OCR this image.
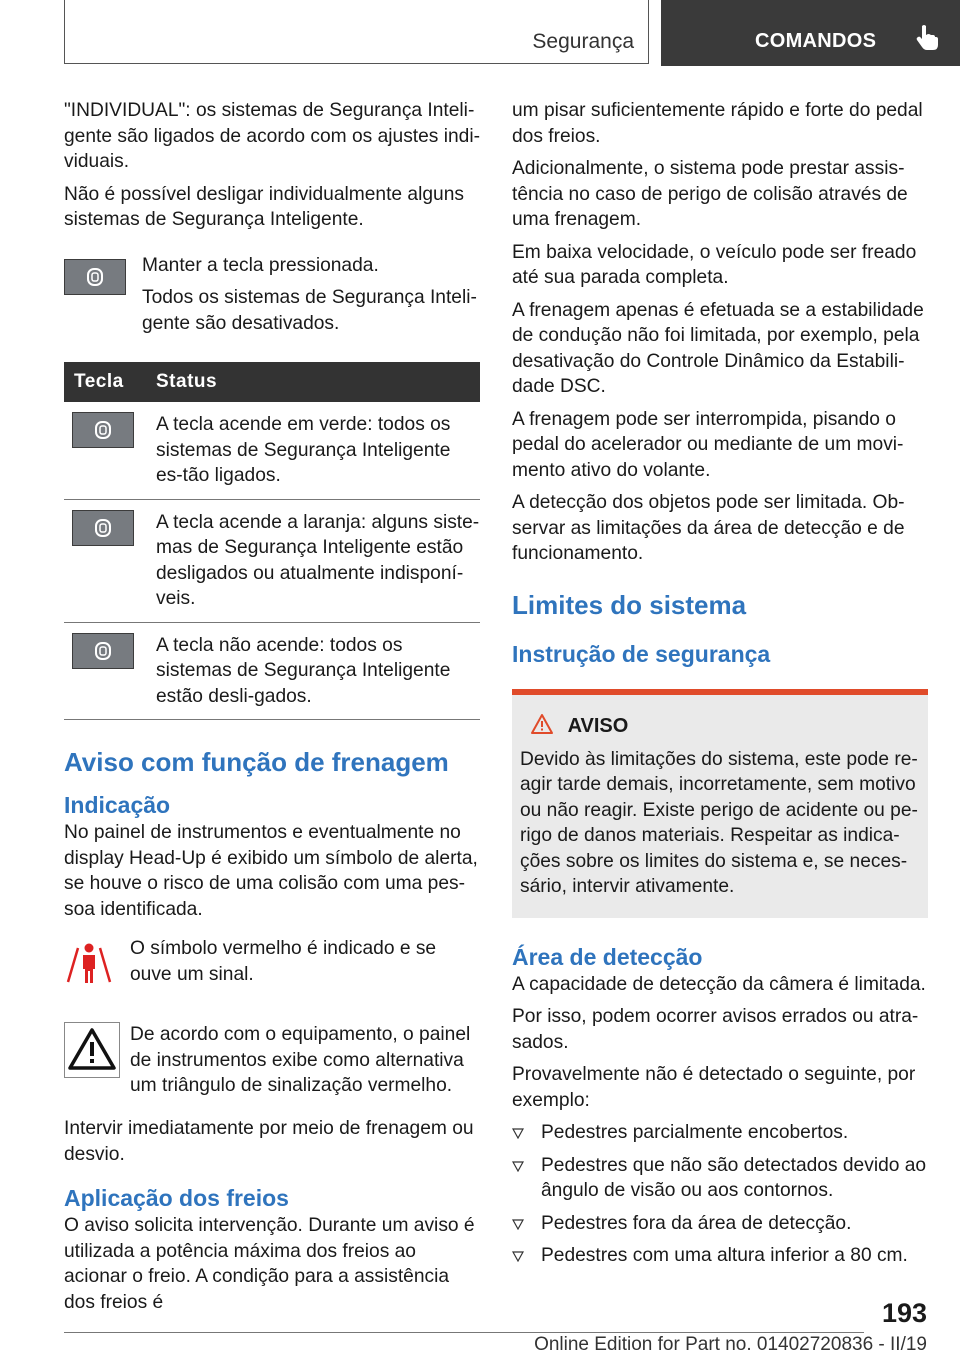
Segurança	COMANDOS

"INDIVIDUAL": os sistemas de Segurança Inteli-gente são ligados de acordo com os ajustes indi-viduais.

Não é possível desligar individualmente alguns sistemas de Segurança Inteligente.

Manter a tecla pressionada.

Todos os sistemas de Segurança Inteli-gente são desativados.

Tecla	Status

	A tecla acende em verde: todos os sistemas de Segurança Inteligente es-tão ligados.

	A tecla acende a laranja: alguns siste-mas de Segurança Inteligente estão desligados ou atualmente indisponí-veis.

	A tecla não acende: todos os sistemas de Segurança Inteligente estão desli-gados.
Aviso com função de frenagem
Indicação

No painel de instrumentos e eventualmente no display Head-Up é exibido um símbolo de alerta, se houve o risco de uma colisão com uma pes-soa identificada.

O símbolo vermelho é indicado e se ouve um sinal.

De acordo com o equipamento, o painel de instrumentos exibe como alternativa um triângulo de sinalização vermelho.

Intervir imediatamente por meio de frenagem ou desvio.

Aplicação dos freios

O aviso solicita intervenção. Durante um aviso é utilizada a potência máxima dos freios ao acionar o freio. A condição para a assistência dos freios é

um pisar suficientemente rápido e forte do pedal dos freios.

Adicionalmente, o sistema pode prestar assis-tência no caso de perigo de colisão através de uma frenagem.

Em baixa velocidade, o veículo pode ser freado até sua parada completa.

A frenagem apenas é efetuada se a estabilidade de condução não foi limitada, por exemplo, pela desativação do Controle Dinâmico da Estabili-dade DSC.

A frenagem pode ser interrompida, pisando o pedal do acelerador ou mediante de um movi-mento ativo do volante.

A detecção dos objetos pode ser limitada. Ob-servar as limitações da área de detecção e de funcionamento.

Limites do sistema
Instrução de segurança
AVISO

Devido às limitações do sistema, este pode re-agir tarde demais, incorretamente, sem motivo ou não reagir. Existe perigo de acidente ou pe-rigo de danos materiais. Respeitar as indica-ções sobre os limites do sistema e, se neces-sário, intervir ativamente.

Área de detecção

A capacidade de detecção da câmera é limitada.

Por isso, podem ocorrer avisos errados ou atra-sados.

Provavelmente não é detectado o seguinte, por exemplo:

Pedestres parcialmente encobertos.
Pedestres que não são detectados devido ao ângulo de visão ou aos contornos.
Pedestres fora da área de detecção.
Pedestres com uma altura inferior a 80 cm.
193
Online Edition for Part no. 01402720836 - II/19
